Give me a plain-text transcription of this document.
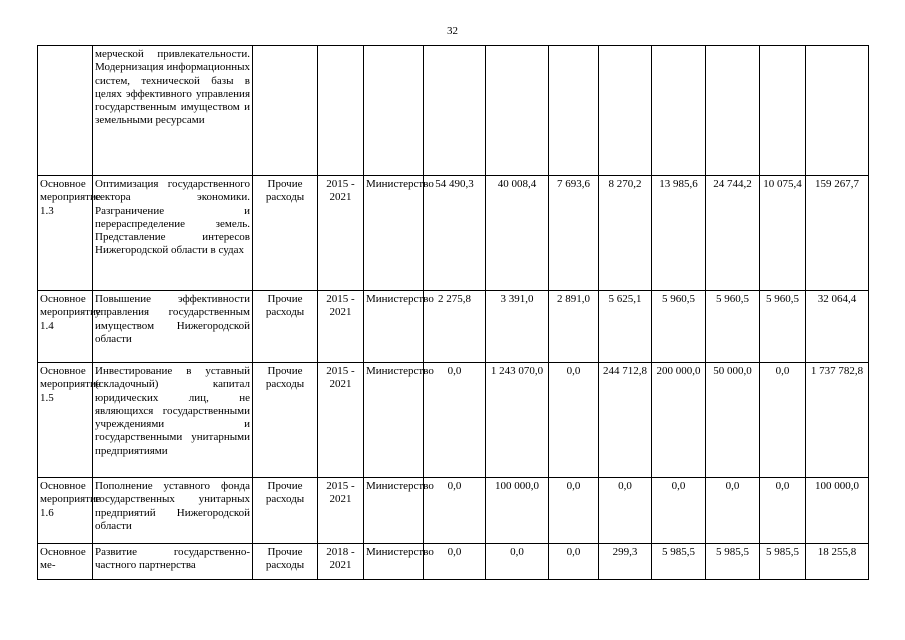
32
	мерческой привлекательности. Модернизация информационных систем, технической базы в целях эффективного управления государственным имуществом и земельными ресурсами											
Основное мероприятие 1.3	Оптимизация государственного сектора экономики. Разграничение и перераспределение земель. Представление интересов Нижегородской области в судах	Прочие расходы	2015 - 2021	Министерство	54 490,3	40 008,4	7 693,6	8 270,2	13 985,6	24 744,2	10 075,4	159 267,7
Основное мероприятие 1.4	Повышение эффективности управления государственным имуществом Нижегородской области	Прочие расходы	2015 - 2021	Министерство	2 275,8	3 391,0	2 891,0	5 625,1	5 960,5	5 960,5	5 960,5	32 064,4
Основное мероприятие 1.5	Инвестирование в уставный (складочный) капитал юридических лиц, не являющихся государственными учреждениями и государственными унитарными предприятиями	Прочие расходы	2015 - 2021	Министерство	0,0	1 243 070,0	0,0	244 712,8	200 000,0	50 000,0	0,0	1 737 782,8
Основное мероприятие 1.6	Пополнение уставного фонда государственных унитарных предприятий Нижегородской области	Прочие расходы	2015 - 2021	Министерство	0,0	100 000,0	0,0	0,0	0,0	0,0	0,0	100 000,0
Основное ме-	Развитие государственно-частного партнерства	Прочие расходы	2018 - 2021	Министерство	0,0	0,0	0,0	299,3	5 985,5	5 985,5	5 985,5	18 255,8
